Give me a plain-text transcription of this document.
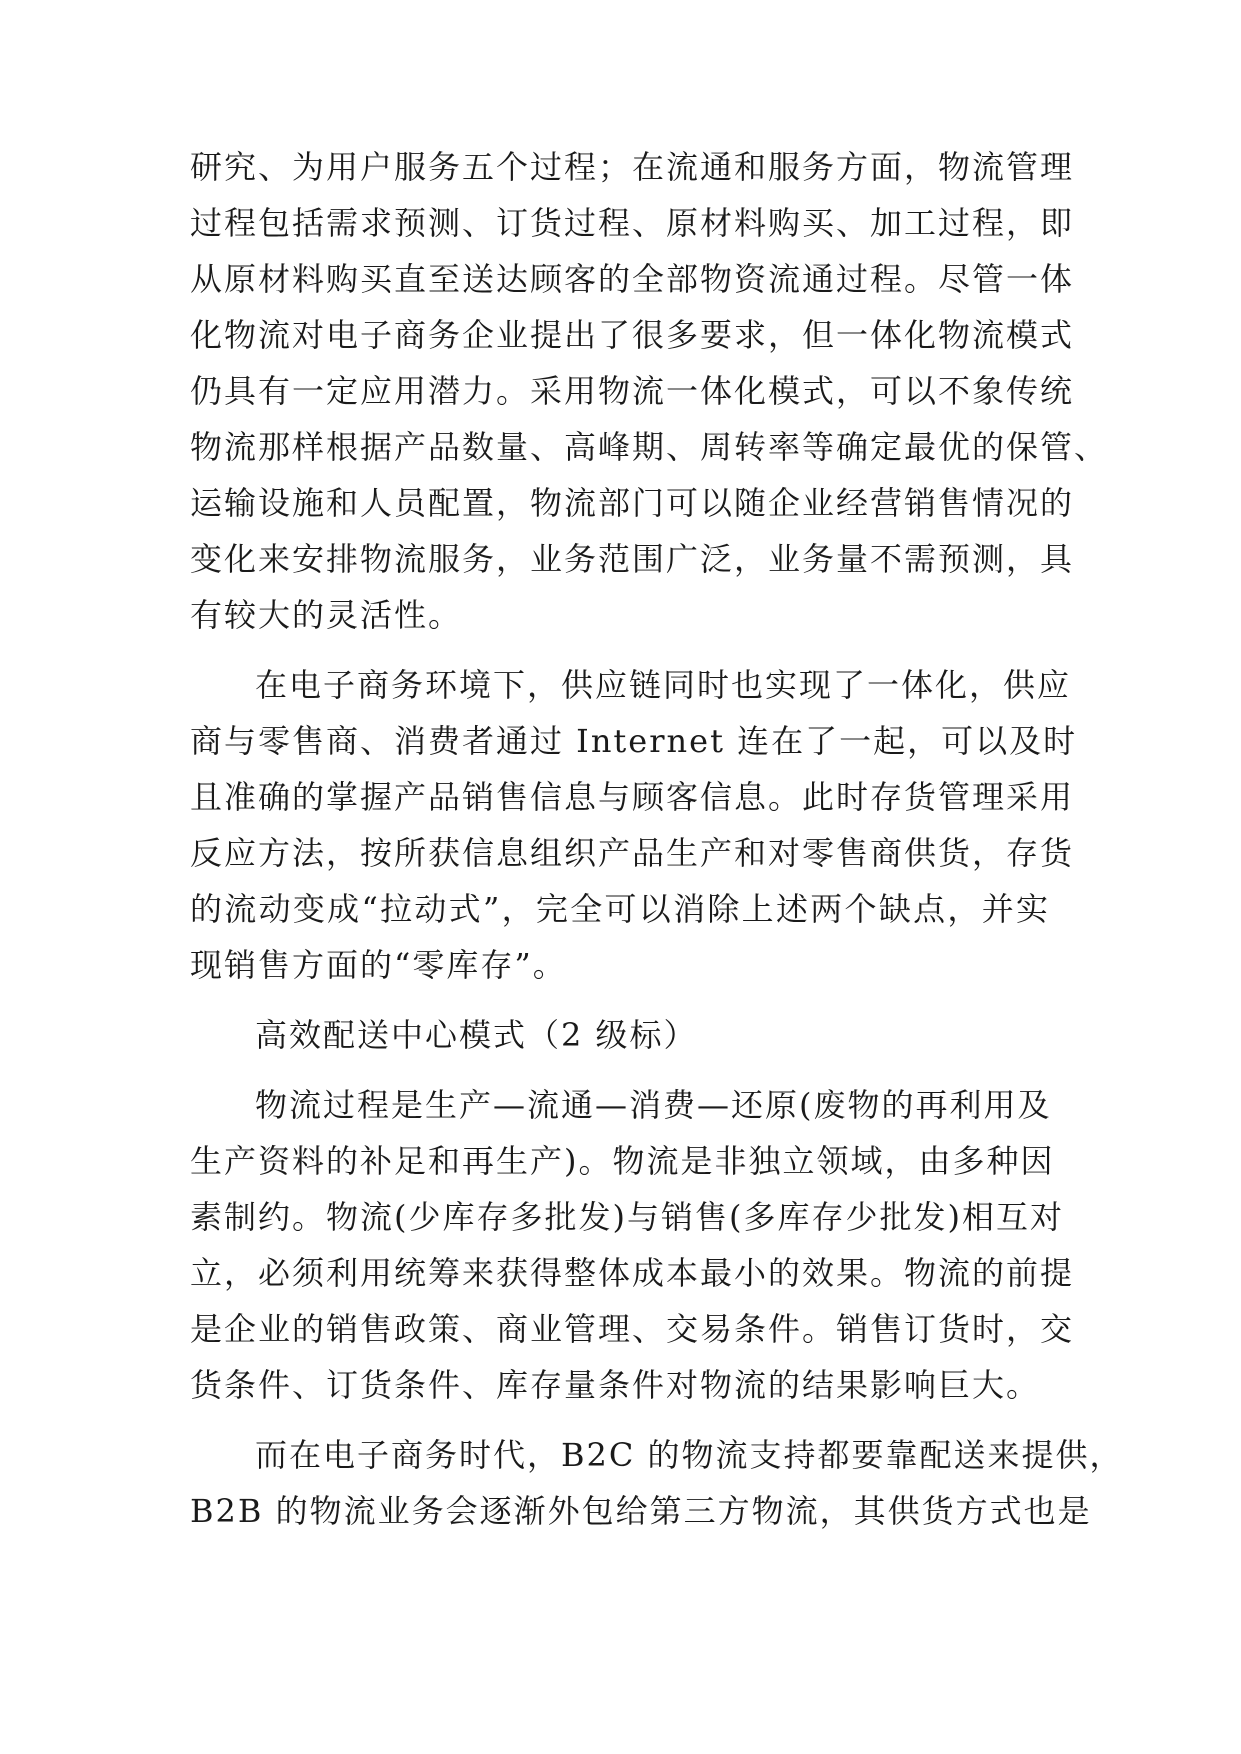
研究、为用户服务五个过程；在流通和服务方面，物流管理
过程包括需求预测、订货过程、原材料购买、加工过程，即
从原材料购买直至送达顾客的全部物资流通过程。尽管一体
化物流对电子商务企业提出了很多要求，但一体化物流模式
仍具有一定应用潜力。采用物流一体化模式，可以不象传统
物流那样根据产品数量、高峰期、周转率等确定最优的保管、
运输设施和人员配置，物流部门可以随企业经营销售情况的
变化来安排物流服务，业务范围广泛，业务量不需预测，具
有较大的灵活性。
在电子商务环境下，供应链同时也实现了一体化，供应
商与零售商、消费者通过 Internet 连在了一起，可以及时
且准确的掌握产品销售信息与顾客信息。此时存货管理采用
反应方法，按所获信息组织产品生产和对零售商供货，存货
的流动变成“拉动式”，完全可以消除上述两个缺点，并实
现销售方面的“零库存”。
高效配送中心模式（2 级标）
物流过程是生产—流通—消费—还原(废物的再利用及
生产资料的补足和再生产)。物流是非独立领域，由多种因
素制约。物流(少库存多批发)与销售(多库存少批发)相互对
立，必须利用统筹来获得整体成本最小的效果。物流的前提
是企业的销售政策、商业管理、交易条件。销售订货时，交
货条件、订货条件、库存量条件对物流的结果影响巨大。
而在电子商务时代，B2C 的物流支持都要靠配送来提供，
B2B 的物流业务会逐渐外包给第三方物流，其供货方式也是
